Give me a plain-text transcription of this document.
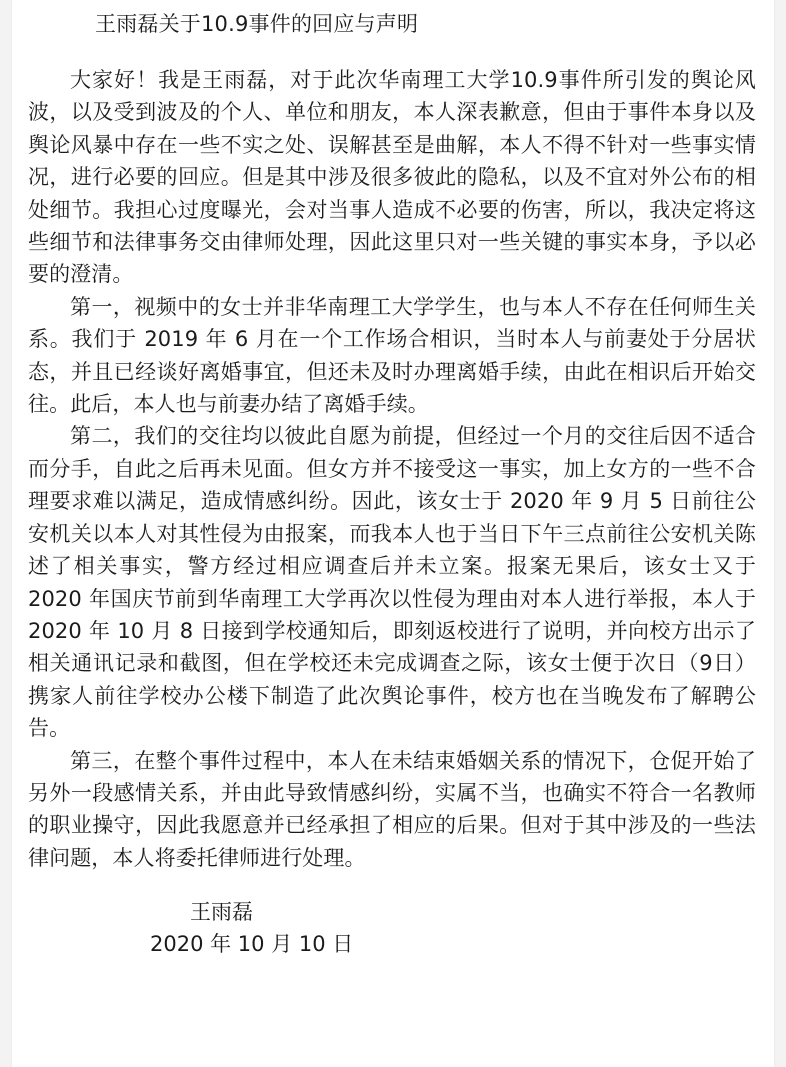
王雨磊关于10.9事件的回应与声明

大家好！我是王雨磊，对于此次华南理工大学10.9事件所引发的舆论风波，以及受到波及的个人、单位和朋友，本人深表歉意，但由于事件本身以及舆论风暴中存在一些不实之处、误解甚至是曲解，本人不得不针对一些事实情况，进行必要的回应。但是其中涉及很多彼此的隐私，以及不宜对外公布的相处细节。我担心过度曝光，会对当事人造成不必要的伤害，所以，我决定将这些细节和法律事务交由律师处理，因此这里只对一些关键的事实本身，予以必要的澄清。

第一，视频中的女士并非华南理工大学学生，也与本人不存在任何师生关系。我们于 2019 年 6 月在一个工作场合相识，当时本人与前妻处于分居状态，并且已经谈好离婚事宜，但还未及时办理离婚手续，由此在相识后开始交往。此后，本人也与前妻办结了离婚手续。

第二，我们的交往均以彼此自愿为前提，但经过一个月的交往后因不适合而分手，自此之后再未见面。但女方并不接受这一事实，加上女方的一些不合理要求难以满足，造成情感纠纷。因此，该女士于 2020 年 9 月 5 日前往公安机关以本人对其性侵为由报案，而我本人也于当日下午三点前往公安机关陈述了相关事实，警方经过相应调查后并未立案。报案无果后，该女士又于 2020 年国庆节前到华南理工大学再次以性侵为理由对本人进行举报，本人于 2020 年 10 月 8 日接到学校通知后，即刻返校进行了说明，并向校方出示了相关通讯记录和截图，但在学校还未完成调查之际，该女士便于次日（9日）携家人前往学校办公楼下制造了此次舆论事件，校方也在当晚发布了解聘公告。

第三，在整个事件过程中，本人在未结束婚姻关系的情况下，仓促开始了另外一段感情关系，并由此导致情感纠纷，实属不当，也确实不符合一名教师的职业操守，因此我愿意并已经承担了相应的后果。但对于其中涉及的一些法律问题，本人将委托律师进行处理。

王雨磊
2020 年 10 月 10 日
